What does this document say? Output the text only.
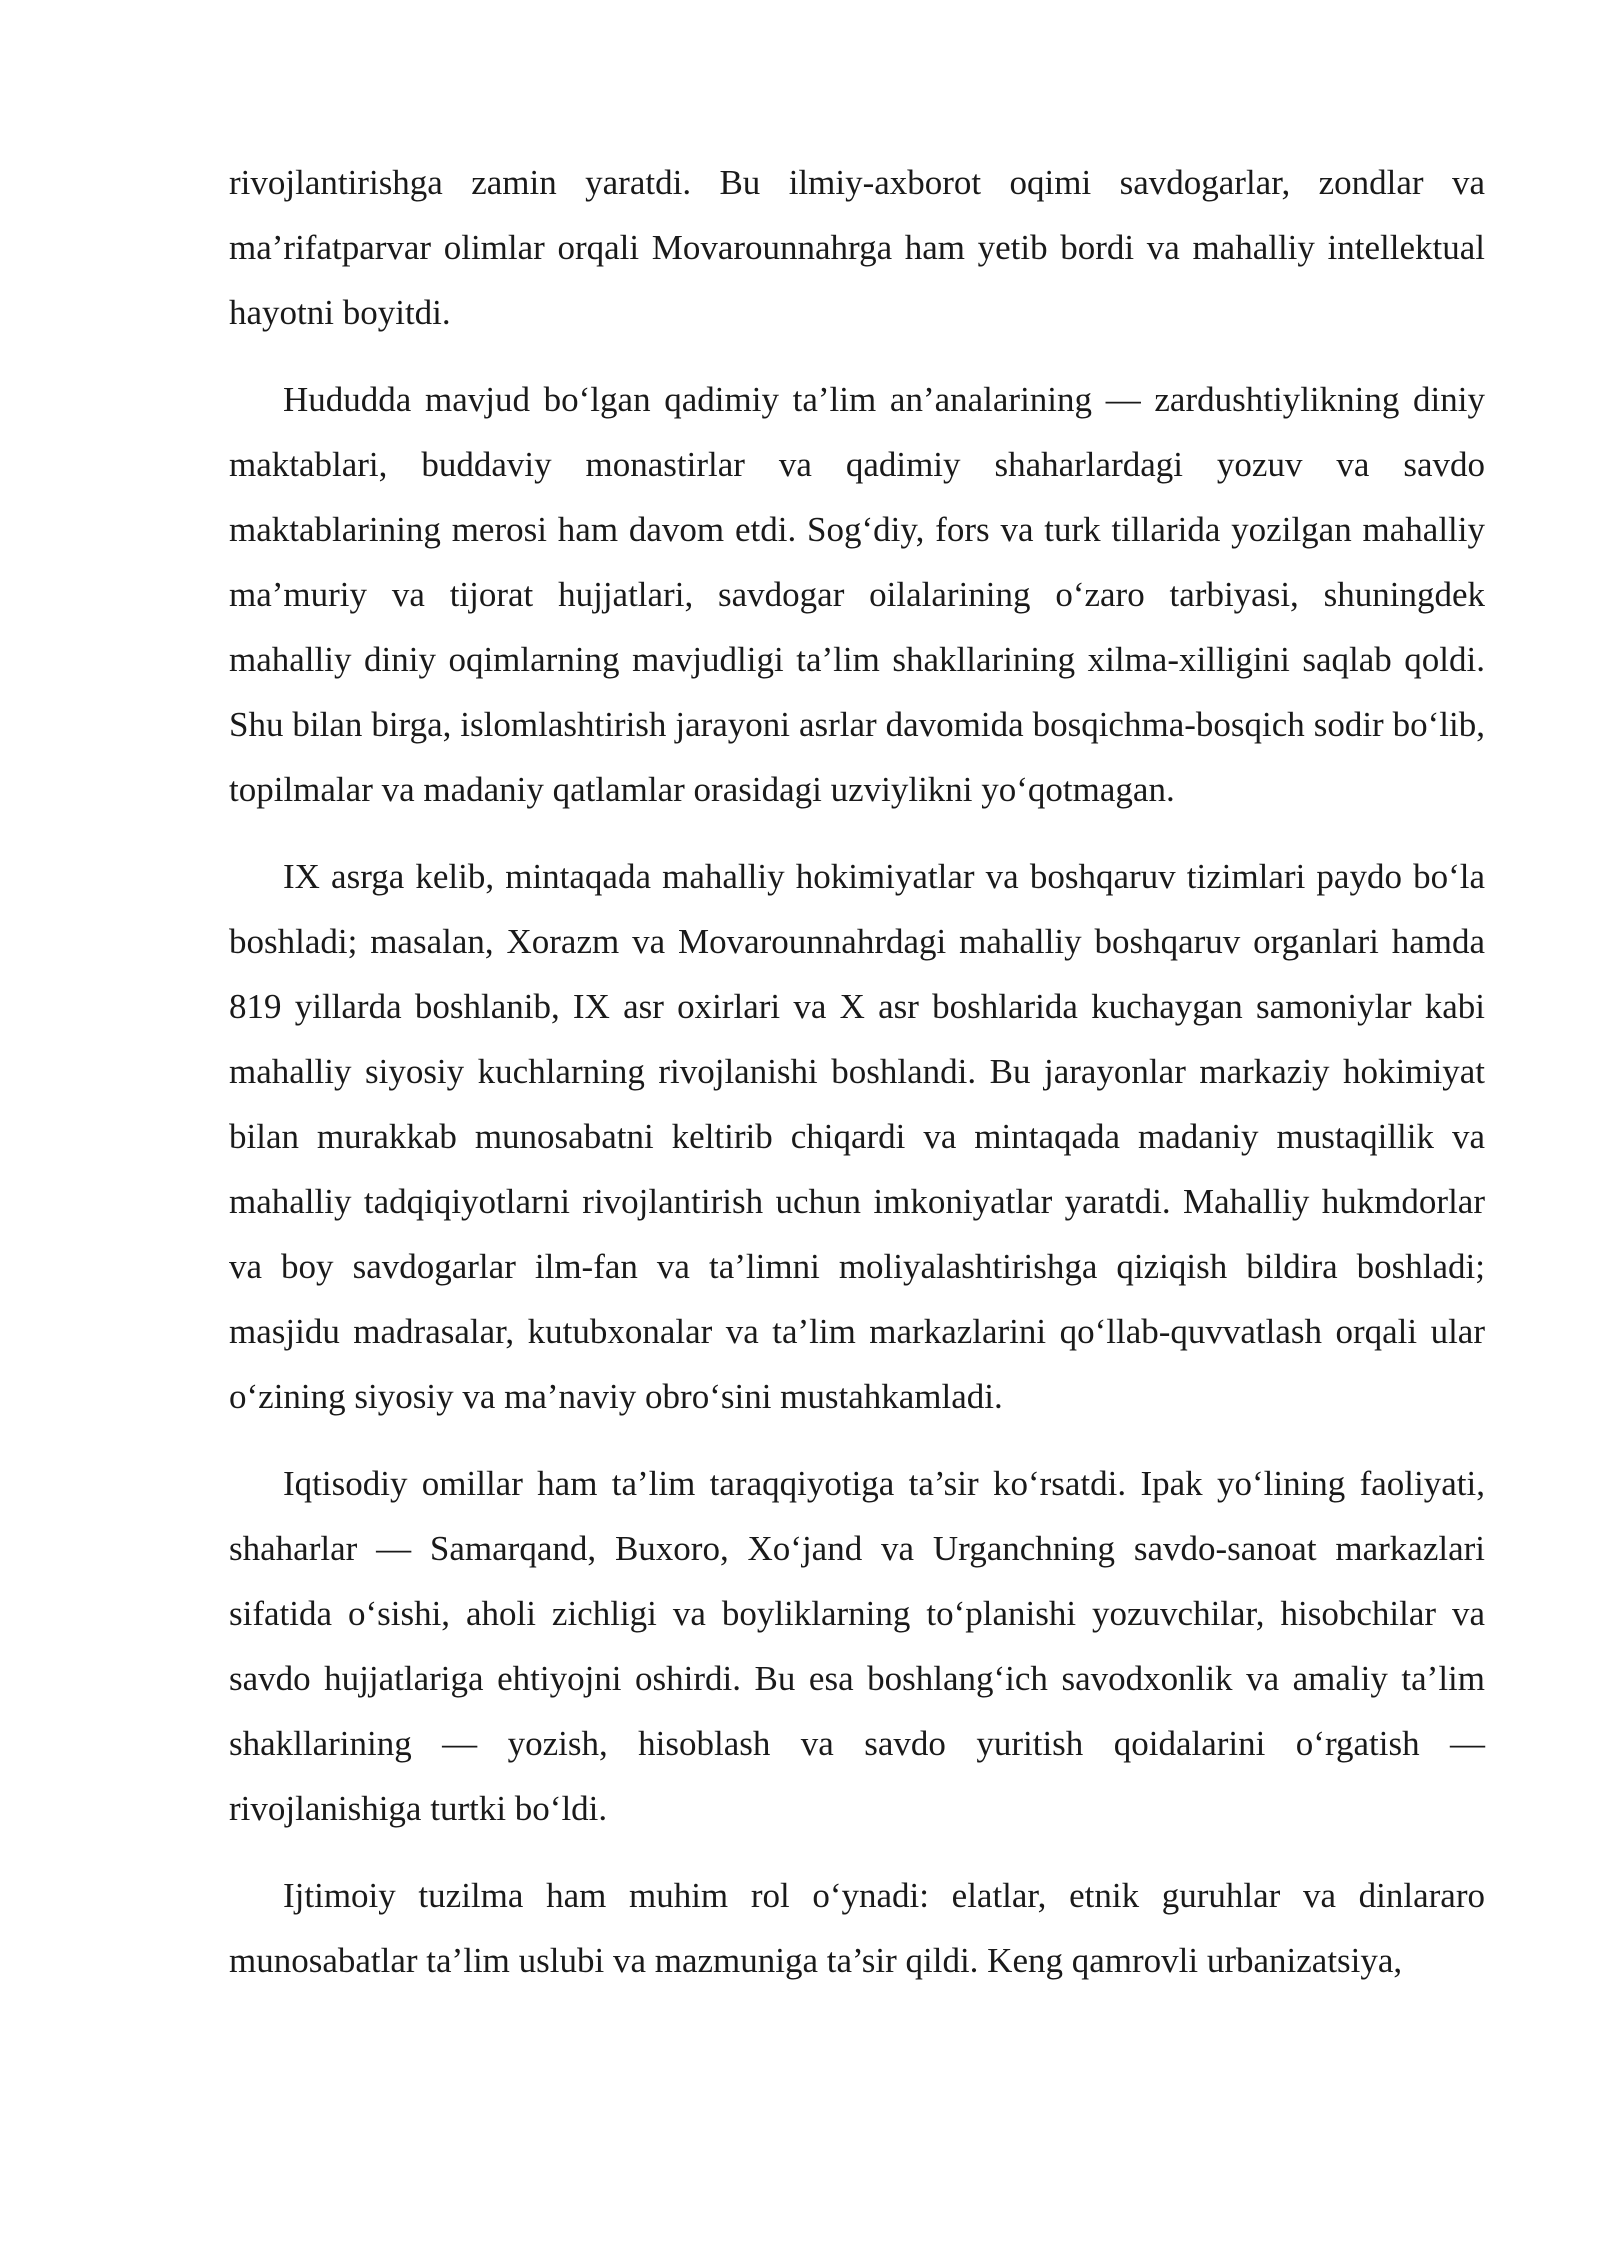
rivojlantirishga zamin yaratdi. Bu ilmiy-axborot oqimi savdogarlar, zondlar va ma’rifatparvar olimlar orqali Movarounnahrga ham yetib bordi va mahalliy intellektual hayotni boyitdi.

Hududda mavjud bo‘lgan qadimiy ta’lim an’analarining — zardushtiylikning diniy maktablari, buddaviy monastirlar va qadimiy shaharlardagi yozuv va savdo maktablarining merosi ham davom etdi. Sog‘diy, fors va turk tillarida yozilgan mahalliy ma’muriy va tijorat hujjatlari, savdogar oilalarining o‘zaro tarbiyasi, shuningdek mahalliy diniy oqimlarning mavjudligi ta’lim shakllarining xilma-xilligini saqlab qoldi. Shu bilan birga, islomlashtirish jarayoni asrlar davomida bosqichma-bosqich sodir bo‘lib, topilmalar va madaniy qatlamlar orasidagi uzviylikni yo‘qotmagan.

IX asrga kelib, mintaqada mahalliy hokimiyatlar va boshqaruv tizimlari paydo bo‘la boshladi; masalan, Xorazm va Movarounnahrdagi mahalliy boshqaruv organlari hamda 819 yillarda boshlanib, IX asr oxirlari va X asr boshlarida kuchaygan samoniylar kabi mahalliy siyosiy kuchlarning rivojlanishi boshlandi. Bu jarayonlar markaziy hokimiyat bilan murakkab munosabatni keltirib chiqardi va mintaqada madaniy mustaqillik va mahalliy tadqiqiyotlarni rivojlantirish uchun imkoniyatlar yaratdi. Mahalliy hukmdorlar va boy savdogarlar ilm-fan va ta’limni moliyalashtirishga qiziqish bildira boshladi; masjidu madrasalar, kutubxonalar va ta’lim markazlarini qo‘llab-quvvatlash orqali ular o‘zining siyosiy va ma’naviy obro‘sini mustahkamladi.

Iqtisodiy omillar ham ta’lim taraqqiyotiga ta’sir ko‘rsatdi. Ipak yo‘lining faoliyati, shaharlar — Samarqand, Buxoro, Xo‘jand va Urganchning savdo-sanoat markazlari sifatida o‘sishi, aholi zichligi va boyliklarning to‘planishi yozuvchilar, hisobchilar va savdo hujjatlariga ehtiyojni oshirdi. Bu esa boshlang‘ich savodxonlik va amaliy ta’lim shakllarining — yozish, hisoblash va savdo yuritish qoidalarini o‘rgatish — rivojlanishiga turtki bo‘ldi.

Ijtimoiy tuzilma ham muhim rol o‘ynadi: elatlar, etnik guruhlar va dinlararo munosabatlar ta’lim uslubi va mazmuniga ta’sir qildi. Keng qamrovli urbanizatsiya,
